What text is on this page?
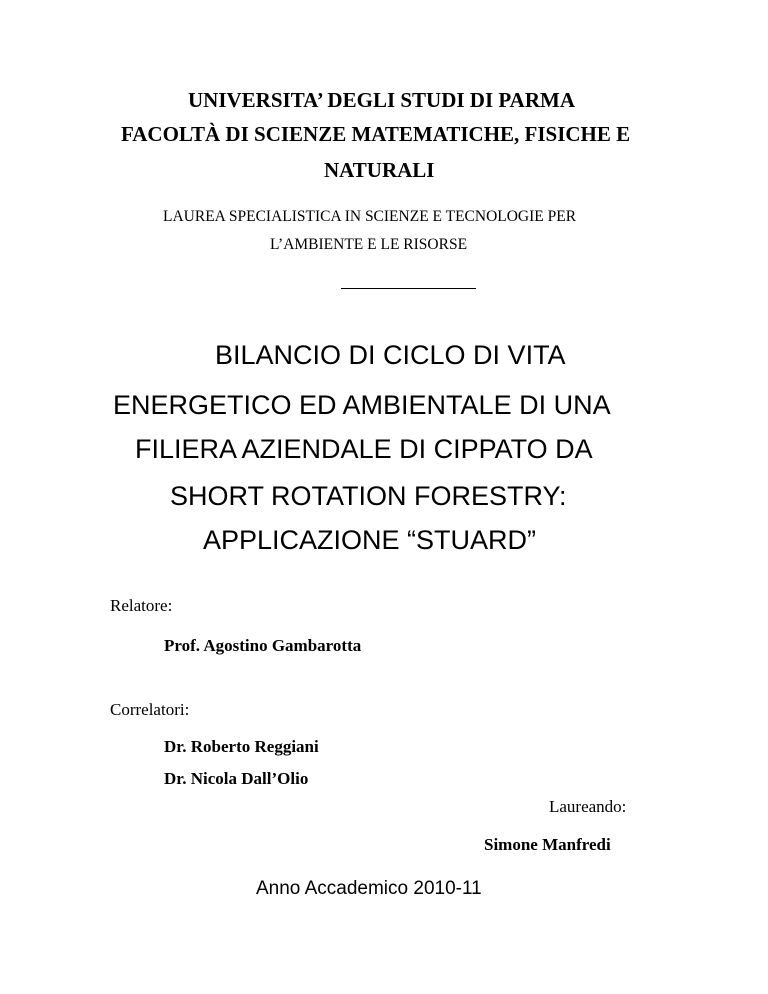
UNIVERSITA’ DEGLI STUDI DI PARMA

FACOLTÀ DI SCIENZE MATEMATICHE, FISICHE E

NATURALI

LAUREA SPECIALISTICA IN SCIENZE E TECNOLOGIE PER

L’AMBIENTE E LE RISORSE

BILANCIO DI CICLO DI VITA

ENERGETICO ED AMBIENTALE DI UNA

FILIERA AZIENDALE DI CIPPATO DA

SHORT ROTATION FORESTRY:

APPLICAZIONE “STUARD”

Relatore:

Prof. Agostino Gambarotta

Correlatori:

Dr. Roberto Reggiani

Dr. Nicola Dall’Olio

Laureando:

Simone Manfredi

Anno Accademico 2010-11
